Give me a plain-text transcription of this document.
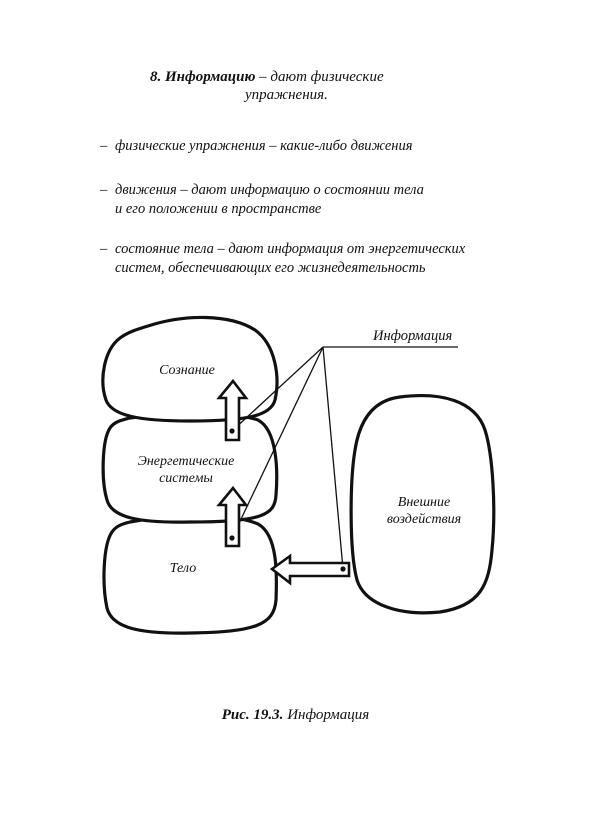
8. Информацию – дают физические
упражнения.
– физические упражнения – какие-либо движения
– движения – дают информацию о состоянии тела
и его положении в пространстве
– состояние тела – дают информация от энергетических
систем, обеспечивающих его жизнедеятельность
Информация
Сознание
Энергетические
системы
Тело
Внешние
воздействия
Рис. 19.3. Информация
